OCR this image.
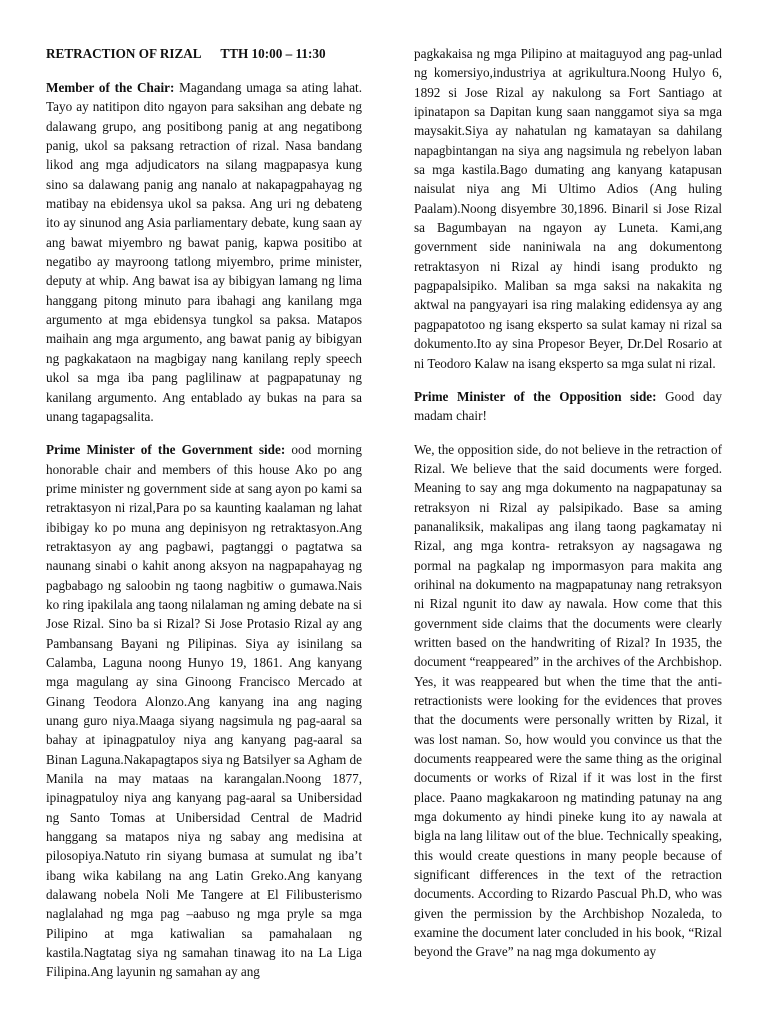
RETRACTION OF RIZAL TTH 10:00 – 11:30

Member of the Chair: Magandang umaga sa ating lahat. Tayo ay natitipon dito ngayon para saksihan ang debate ng dalawang grupo, ang positibong panig at ang negatibong panig, ukol sa paksang retraction of rizal. Nasa bandang likod ang mga adjudicators na silang magpapasya kung sino sa dalawang panig ang nanalo at nakapagpahayag ng matibay na ebidensya ukol sa paksa. Ang uri ng debateng ito ay sinunod ang Asia parliamentary debate, kung saan ay ang bawat miyembro ng bawat panig, kapwa positibo at negatibo ay mayroong tatlong miyembro, prime minister, deputy at whip. Ang bawat isa ay bibigyan lamang ng lima hanggang pitong minuto para ibahagi ang kanilang mga argumento at mga ebidensya tungkol sa paksa. Matapos maihain ang mga argumento, ang bawat panig ay bibigyan ng pagkakataon na magbigay nang kanilang reply speech ukol sa mga iba pang paglilinaw at pagpapatunay ng kanilang argumento. Ang entablado ay bukas na para sa unang tagapagsalita.

Prime Minister of the Government side: ood morning honorable chair and members of this house Ako po ang prime minister ng government side at sang ayon po kami sa retraktasyon ni rizal,Para po sa kaunting kaalaman ng lahat ibibigay ko po muna ang depinisyon ng retraktasyon.Ang retraktasyon ay ang pagbawi, pagtanggi o pagtatwa sa naunang sinabi o kahit anong aksyon na nagpapahayag ng pagbabago ng saloobin ng taong nagbitiw o gumawa.Nais ko ring ipakilala ang taong nilalaman ng aming debate na si Jose Rizal. Sino ba si Rizal? Si Jose Protasio Rizal ay ang Pambansang Bayani ng Pilipinas. Siya ay isinilang sa Calamba, Laguna noong Hunyo 19, 1861. Ang kanyang mga magulang ay sina Ginoong Francisco Mercado at Ginang Teodora Alonzo.Ang kanyang ina ang naging unang guro niya.Maaga siyang nagsimula ng pag-aaral sa bahay at ipinagpatuloy niya ang kanyang pag-aaral sa Binan Laguna.Nakapagtapos siya ng Batsilyer sa Agham de Manila na may mataas na karangalan.Noong 1877, ipinagpatuloy niya ang kanyang pag-aaral sa Unibersidad ng Santo Tomas at Unibersidad Central de Madrid hanggang sa matapos niya ng sabay ang medisina at pilosopiya.Natuto rin siyang bumasa at sumulat ng iba’t ibang wika kabilang na ang Latin Greko.Ang kanyang dalawang nobela Noli Me Tangere at El Filibusterismo naglalahad ng mga pag –aabuso ng mga pryle sa mga Pilipino at mga katiwalian sa pamahalaan ng kastila.Nagtatag siya ng samahan tinawag ito na La Liga Filipina.Ang layunin ng samahan ay ang

pagkakaisa ng mga Pilipino at maitaguyod ang pag-unlad ng komersiyo,industriya at agrikultura.Noong Hulyo 6, 1892 si Jose Rizal ay nakulong sa Fort Santiago at ipinatapon sa Dapitan kung saan nanggamot siya sa mga maysakit.Siya ay nahatulan ng kamatayan sa dahilang napagbintangan na siya ang nagsimula ng rebelyon laban sa mga kastila.Bago dumating ang kanyang katapusan naisulat niya ang Mi Ultimo Adios (Ang huling Paalam).Noong disyembre 30,1896. Binaril si Jose Rizal sa Bagumbayan na ngayon ay Luneta. Kami,ang government side naniniwala na ang dokumentong retraktasyon ni Rizal ay hindi isang produkto ng pagpapalsipiko. Maliban sa mga saksi na nakakita ng aktwal na pangyayari isa ring malaking edidensya ay ang pagpapatotoo ng isang eksperto sa sulat kamay ni rizal sa dokumento.Ito ay sina Propesor Beyer, Dr.Del Rosario at ni Teodoro Kalaw na isang eksperto sa mga sulat ni rizal.

Prime Minister of the Opposition side: Good day madam chair!

We, the opposition side, do not believe in the retraction of Rizal. We believe that the said documents were forged. Meaning to say ang mga dokumento na nagpapatunay sa retraksyon ni Rizal ay palsipikado. Base sa aming pananaliksik, makalipas ang ilang taong pagkamatay ni Rizal, ang mga kontra- retraksyon ay nagsagawa ng pormal na pagkalap ng impormasyon para makita ang orihinal na dokumento na magpapatunay nang retraksyon ni Rizal ngunit ito daw ay nawala. How come that this government side claims that the documents were clearly written based on the handwriting of Rizal? In 1935, the document “reappeared” in the archives of the Archbishop. Yes, it was reappeared but when the time that the anti- retractionists were looking for the evidences that proves that the documents were personally written by Rizal, it was lost naman. So, how would you convince us that the documents reappeared were the same thing as the original documents or works of Rizal if it was lost in the first place. Paano magkakaroon ng matinding patunay na ang mga dokumento ay hindi pineke kung ito ay nawala at bigla na lang lilitaw out of the blue. Technically speaking, this would create questions in many people because of significant differences in the text of the retraction documents. According to Rizardo Pascual Ph.D, who was given the permission by the Archbishop Nozaleda, to examine the document later concluded in his book, “Rizal beyond the Grave” na nag mga dokumento ay
